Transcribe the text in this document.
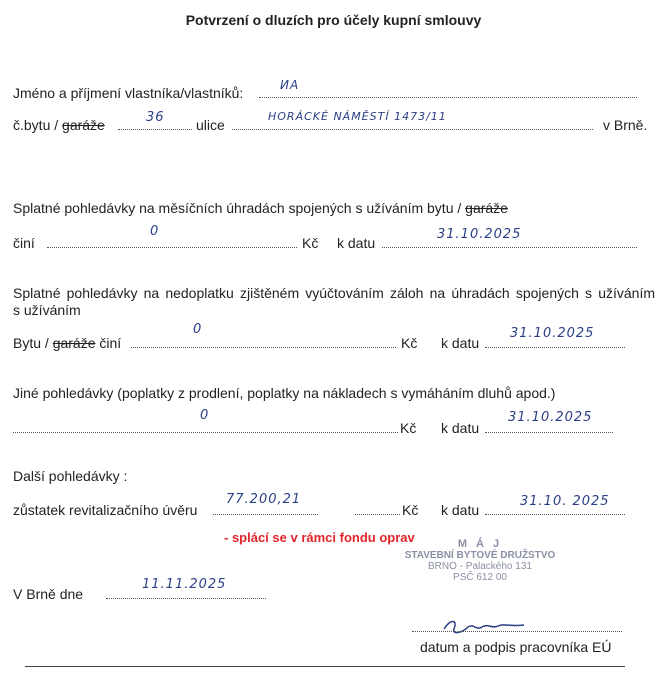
Potvrzení o dluzích pro účely kupní smlouvy
Jméno a příjmení vlastníka/vlastníků:	ИA
č.bytu / garáže	36 ulice
HORÁCKÉ NÁMĚSTÍ 1473/11
v Brně.
Splatné pohledávky na měsíčních úhradách spojených s užíváním bytu / garáže
činí
0
Kč k datu
31.10.2025
Splatné pohledávky na nedoplatku zjištěném vyúčtováním záloh na úhradách spojených s užíváním
s užíváním
Bytu / garáže činí
0
Kč k datu
31.10.2025
Jiné pohledávky (poplatky z prodlení, poplatky na nákladech s vymáháním dluhů apod.)
0
Kč k datu
31.10.2025
Další pohledávky :
zůstatek revitalizačního úvěru
77.200,21
Kč k datu
31.10. 2025
- splácí se v rámci fondu oprav	M Á J
STAVEBNÍ BYTOVÉ DRUŽSTVO
BRNO - Palackého 131
PSČ 612 00
V Brně dne
11.11.2025
datum a podpis pracovníka EÚ
